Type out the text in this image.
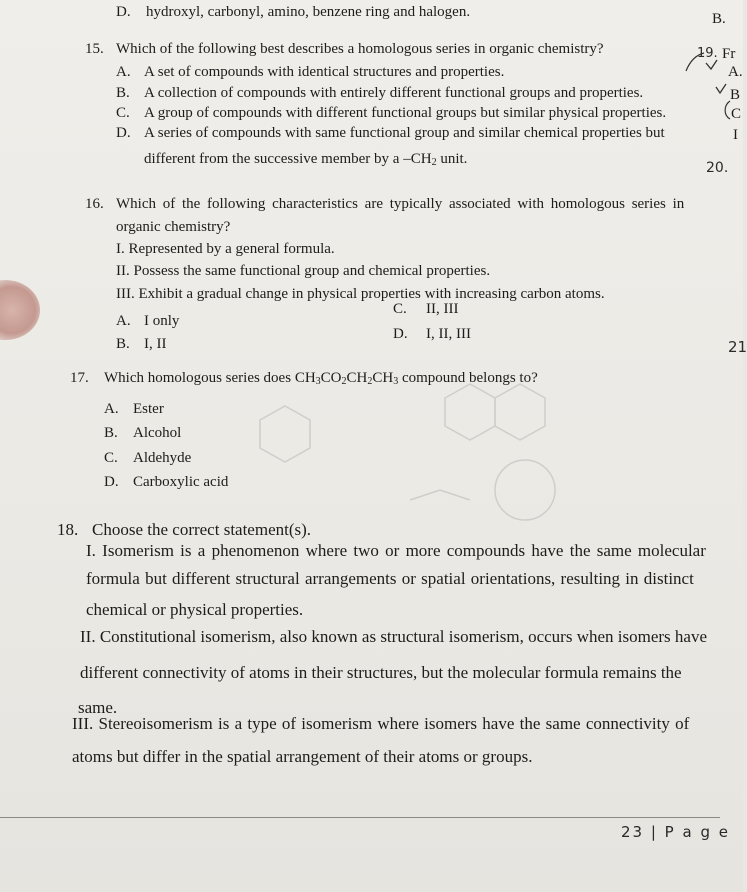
D. hydroxyl, carbonyl, amino, benzene ring and halogen.	B.
15. Which of the following best describes a homologous series in organic chemistry?
A. A set of compounds with identical structures and properties.
B. A collection of compounds with entirely different functional groups and properties.
C. A group of compounds with different functional groups but similar physical properties.
D. A series of compounds with same functional group and similar chemical properties but
different from the successive member by a $-CH_2$ unit.
16. Which of the following characteristics are typically associated with homologous series in
organic chemistry?
I. Represented by a general formula.
II. Possess the same functional group and chemical properties.
III. Exhibit a gradual change in physical properties with increasing carbon atoms.
A. I only
B. I, II
C. II, III
D. I, II, III
17. Which homologous series does $CH_3CO_2CH_2CH_3$ compound belongs to?
A. Ester
B. Alcohol
C. Aldehyde
D. Carboxylic acid
18. Choose the correct statement(s).
I. Isomerism is a phenomenon where two or more compounds have the same molecular
formula but different structural arrangements or spatial orientations, resulting in distinct
chemical or physical properties.
II. Constitutional isomerism, also known as structural isomerism, occurs when isomers have
different connectivity of atoms in their structures, but the molecular formula remains the
same.
III. Stereoisomerism is a type of isomerism where isomers have the same connectivity of
atoms but differ in the spatial arrangement of their atoms or groups.
19. Fr
A.
B
C
I
20.
21
23 | P a g e
